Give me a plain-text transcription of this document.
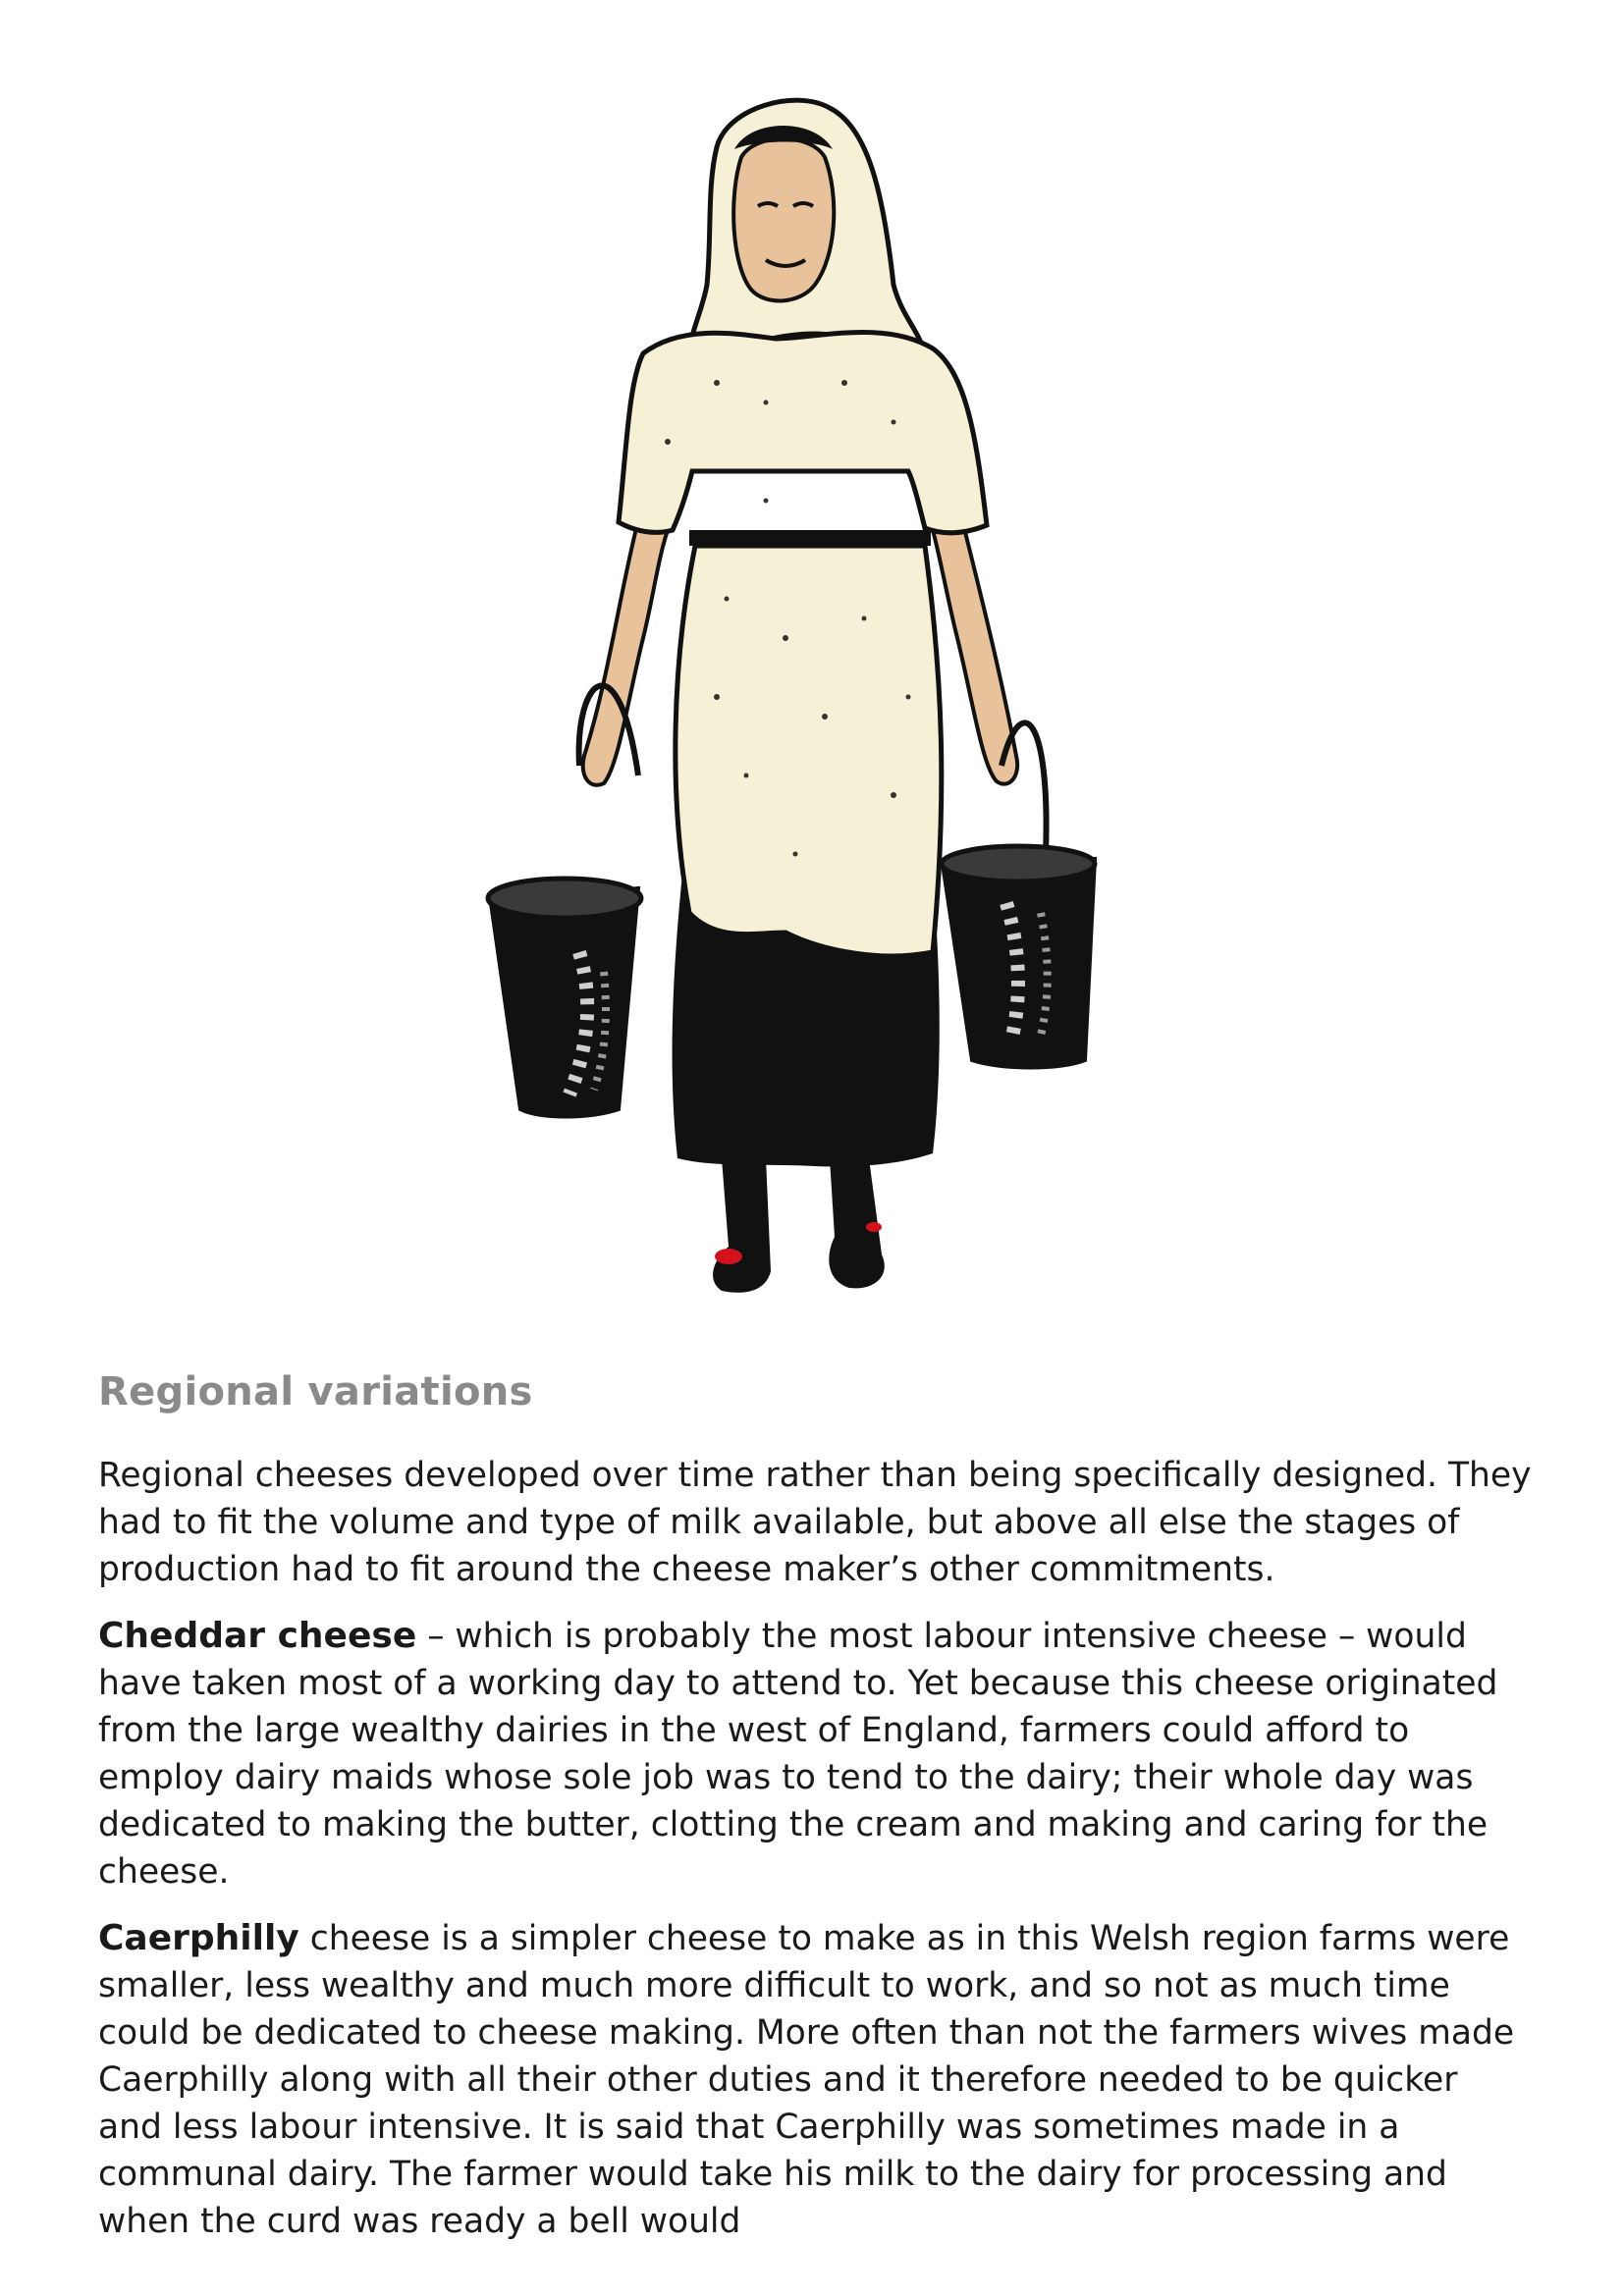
Regional variations

Regional cheeses developed over time rather than being specifically designed. They had to fit the volume and type of milk available, but above all else the stages of production had to fit around the cheese maker’s other commitments.

Cheddar cheese – which is probably the most labour intensive cheese – would have taken most of a working day to attend to. Yet because this cheese originated from the large wealthy dairies in the west of England, farmers could afford to employ dairy maids whose sole job was to tend to the dairy; their whole day was dedicated to making the butter, clotting the cream and making and caring for the cheese.

Caerphilly cheese is a simpler cheese to make as in this Welsh region farms were smaller, less wealthy and much more difficult to work, and so not as much time could be dedicated to cheese making. More often than not the farmers wives made Caerphilly along with all their other duties and it therefore needed to be quicker and less labour intensive. It is said that Caerphilly was sometimes made in a communal dairy. The farmer would take his milk to the dairy for processing and when the curd was ready a bell would
